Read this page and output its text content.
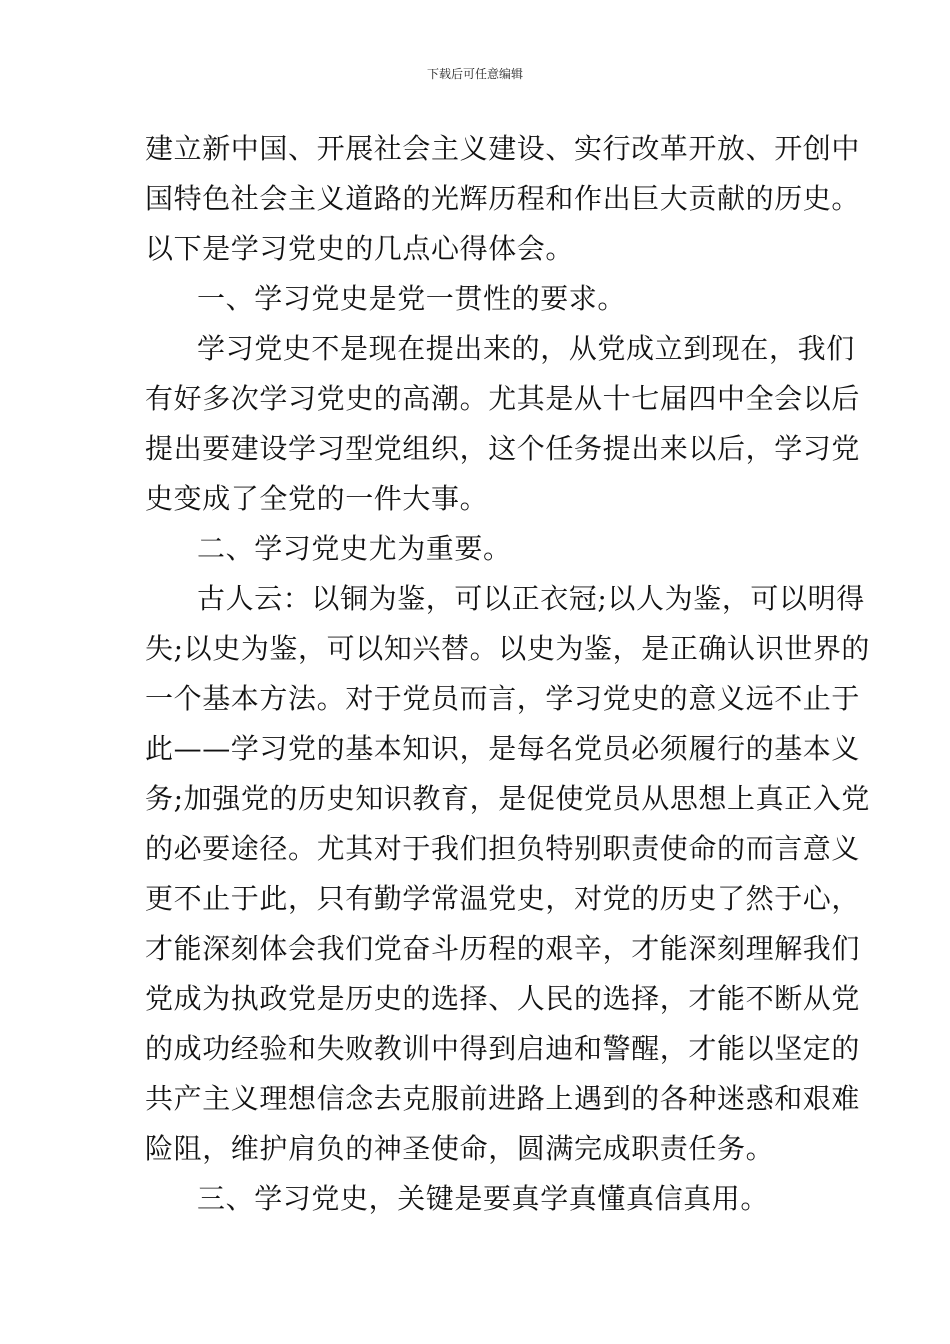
下载后可任意编辑
建立新中国、开展社会主义建设、实行改革开放、开创中
国特色社会主义道路的光辉历程和作出巨大贡献的历史。
以下是学习党史的几点心得体会。
一、学习党史是党一贯性的要求。
学习党史不是现在提出来的，从党成立到现在，我们
有好多次学习党史的高潮。尤其是从十七届四中全会以后
提出要建设学习型党组织，这个任务提出来以后，学习党
史变成了全党的一件大事。
二、学习党史尤为重要。
古人云：以铜为鉴，可以正衣冠;以人为鉴，可以明得
失;以史为鉴，可以知兴替。以史为鉴，是正确认识世界的
一个基本方法。对于党员而言，学习党史的意义远不止于
此——学习党的基本知识，是每名党员必须履行的基本义
务;加强党的历史知识教育，是促使党员从思想上真正入党
的必要途径。尤其对于我们担负特别职责使命的而言意义
更不止于此，只有勤学常温党史，对党的历史了然于心，
才能深刻体会我们党奋斗历程的艰辛，才能深刻理解我们
党成为执政党是历史的选择、人民的选择，才能不断从党
的成功经验和失败教训中得到启迪和警醒，才能以坚定的
共产主义理想信念去克服前进路上遇到的各种迷惑和艰难
险阻，维护肩负的神圣使命，圆满完成职责任务。
三、学习党史，关键是要真学真懂真信真用。
